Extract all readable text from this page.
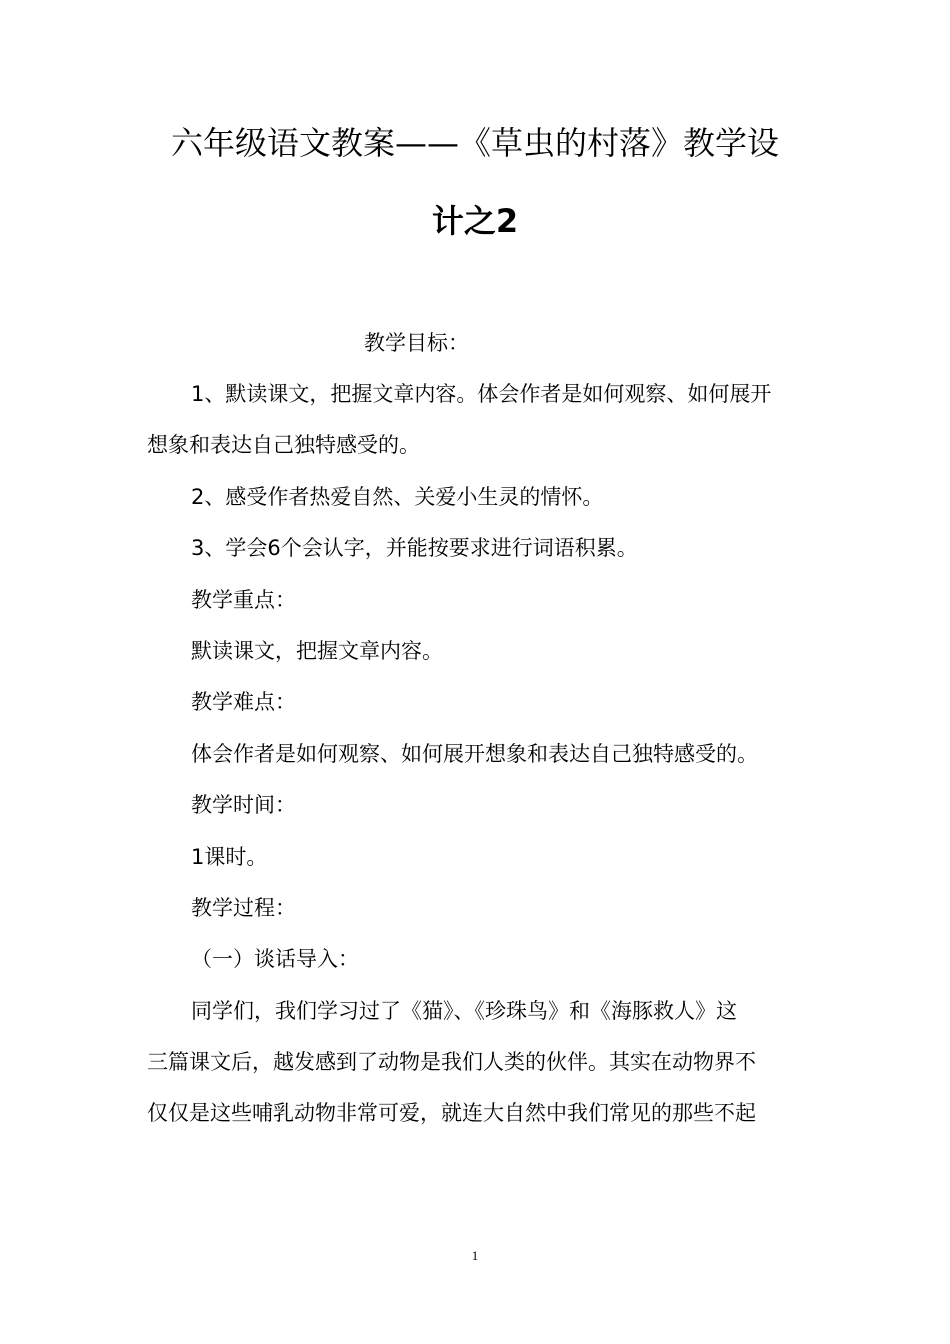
六年级语文教案——《草虫的村落》教学设
计之2
教学目标：
1、默读课文，把握文章内容。体会作者是如何观察、如何展开
想象和表达自己独特感受的。
2、感受作者热爱自然、关爱小生灵的情怀。
3、学会6个会认字，并能按要求进行词语积累。
教学重点：
默读课文，把握文章内容。
教学难点：
体会作者是如何观察、如何展开想象和表达自己独特感受的。
教学时间：
1课时。
教学过程：
（一）谈话导入：
同学们，我们学习过了《猫》、《珍珠鸟》和《海豚救人》这
三篇课文后，越发感到了动物是我们人类的伙伴。其实在动物界不
仅仅是这些哺乳动物非常可爱，就连大自然中我们常见的那些不起
1
